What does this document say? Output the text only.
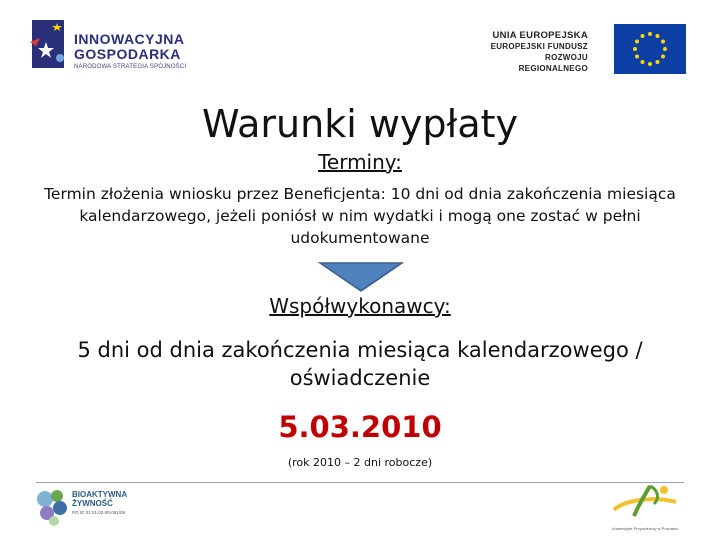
INNOWACYJNA
GOSPODARKA
NARODOWA STRATEGIA SPÓJNOŚCI
UNIA EUROPEJSKA
EUROPEJSKI FUNDUSZ
ROZWOJU REGIONALNEGO
Warunki wypłaty
Terminy:
Termin złożenia wniosku przez Beneficjenta: 10 dni od dnia zakończenia miesiąca kalendarzowego, jeżeli poniósł w nim wydatki i mogą one zostać w pełni udokumentowane
Współwykonawcy:
5 dni od dnia zakończenia miesiąca kalendarzowego / oświadczenie
5.03.2010
(rok 2010 – 2 dni robocze)
BIOAKTYWNA
ŻYWNOŚĆ
PO IG 01.01.02-00-061/09
Uniwersytet Przyrodniczy w Poznaniu
